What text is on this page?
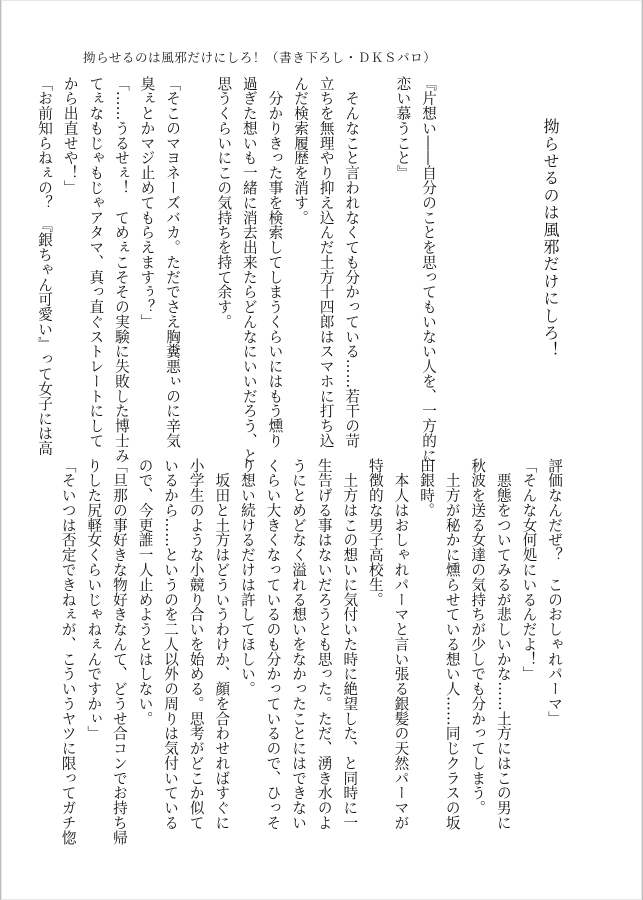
拗らせるのは風邪だけにしろ！（書き下ろし・ＤＫＳパロ）
拗らせるのは風邪だけにしろ！
『片想い――自分のことを思ってもいない人を、一方的に
恋い慕うこと』

　そんなこと言われなくても分かっている……若干の苛
立ちを無理やり抑え込んだ土方十四郎はスマホに打ち込
んだ検索履歴を消す。
　分かりきった事を検索してしまうくらいにはもう燻り
過ぎた想いも一緒に消去出来たらどんなにいいだろう、と
思うくらいにこの気持ちを持て余す。

「そこのマヨネーズバカ。ただでさえ胸糞悪ぃのに辛気
臭ぇとかマジ止めてもらえますぅ？」
「……うるせぇ！　てめぇこそその実験に失敗した博士み
てぇなもじゃもじゃアタマ、真っ直ぐストレートにして
から出直せや！」
「お前知らねぇの？　『銀ちゃん可愛い』って女子には高
評価なんだぜ？　このおしゃれパーマ」
「そんな女何処にいるんだよ！」
　悪態をついてみるが悲しいかな……土方にはこの男に
秋波を送る女達の気持ちが少しでも分かってしまう。
　土方が秘かに燻らせている想い人……同じクラスの坂
田銀時。
　本人はおしゃれパーマと言い張る銀髪の天然パーマが
特徴的な男子高校生。
　土方はこの想いに気付いた時に絶望した、と同時に一
生告げる事はないだろうとも思った。ただ、湧き水のよ
うにとめどなく溢れる想いをなかったことにはできない
くらい大きくなっているのも分かっているので、ひっそ
り想い続けるだけは許してほしい。
　坂田と土方はどういうわけか、顔を合わせればすぐに
小学生のような小競り合いを始める。思考がどこか似て
いるから……というのを二人以外の周りは気付いている
ので、今更誰一人止めようとはしない。
「旦那の事好きな物好きなんて、どうせ合コンでお持ち帰
りした尻軽女くらいじゃねぇんですかぃ」
「そいつは否定できねぇが、こういうヤツに限ってガチ惚
